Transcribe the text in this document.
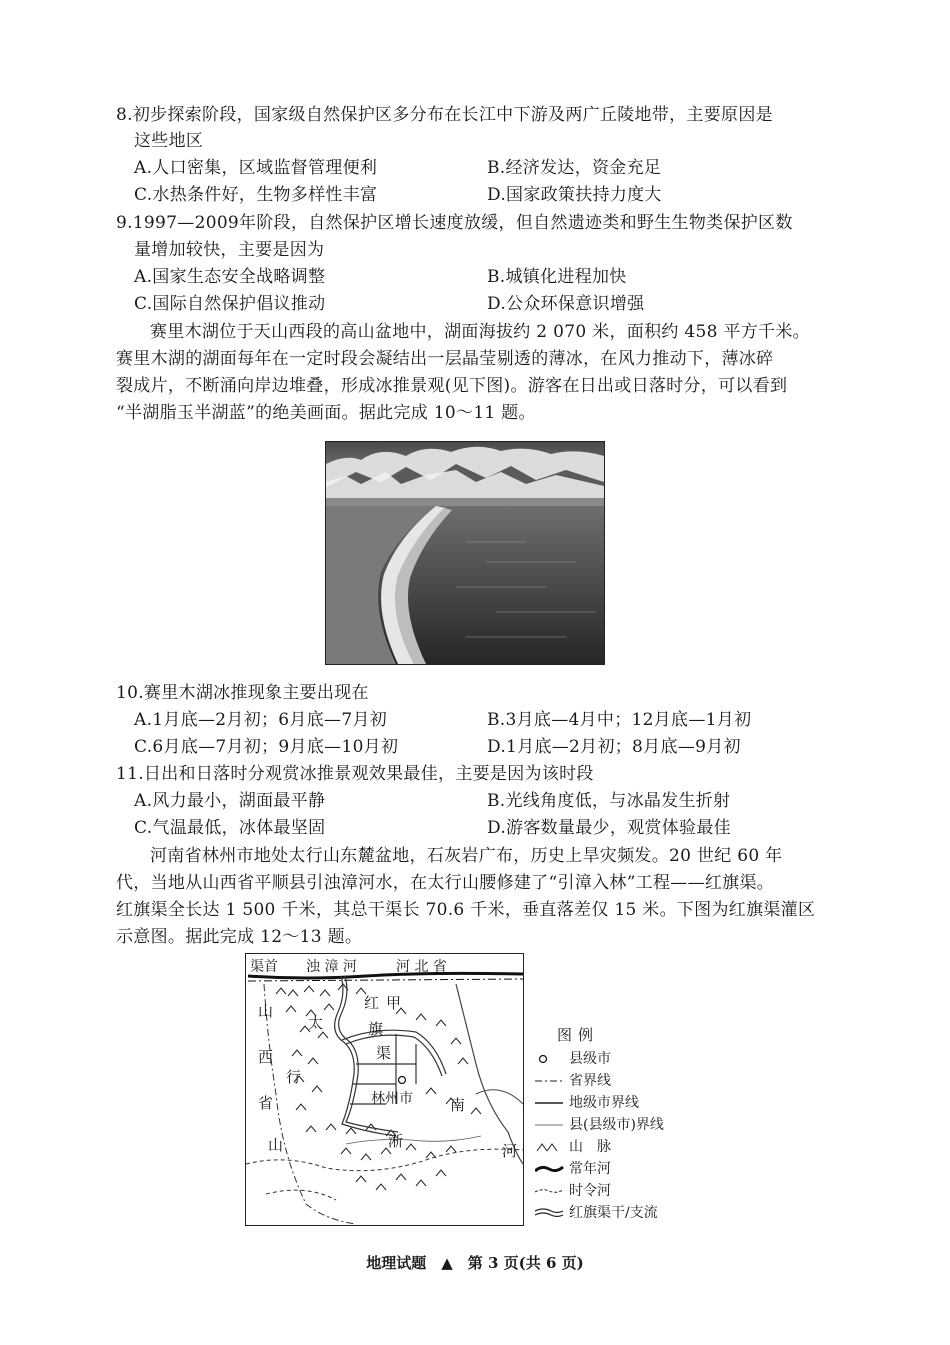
8.初步探索阶段，国家级自然保护区多分布在长江中下游及两广丘陵地带，主要原因是
这些地区
A.人口密集，区域监督管理便利	B.经济发达，资金充足
C.水热条件好，生物多样性丰富	D.国家政策扶持力度大
9.1997—2009年阶段，自然保护区增长速度放缓，但自然遗迹类和野生生物类保护区数
量增加较快，主要是因为
A.国家生态安全战略调整	B.城镇化进程加快
C.国际自然保护倡议推动	D.公众环保意识增强
赛里木湖位于天山西段的高山盆地中，湖面海拔约 2 070 米，面积约 458 平方千米。
赛里木湖的湖面每年在一定时段会凝结出一层晶莹剔透的薄冰，在风力推动下，薄冰碎
裂成片，不断涌向岸边堆叠，形成冰推景观(见下图)。游客在日出或日落时分，可以看到
“半湖脂玉半湖蓝”的绝美画面。据此完成 10～11 题。
10.赛里木湖冰推现象主要出现在
A.1月底—2月初；6月底—7月初	B.3月底—4月中；12月底—1月初
C.6月底—7月初；9月底—10月初	D.1月底—2月初；8月底—9月初
11.日出和日落时分观赏冰推景观效果最佳，主要是因为该时段
A.风力最小，湖面最平静	B.光线角度低，与冰晶发生折射
C.气温最低，冰体最坚固	D.游客数量最少，观赏体验最佳
河南省林州市地处太行山东麓盆地，石灰岩广布，历史上旱灾频发。20 世纪 60 年
代，当地从山西省平顺县引浊漳河水，在太行山腰修建了“引漳入林”工程——红旗渠。
红旗渠全长达 1 500 千米，其总干渠长 70.6 千米，垂直落差仅 15 米。下图为红旗渠灌区
示意图。据此完成 12～13 题。
渠首 浊 漳 河	河 北 省
山
西
省
太
行
山
红 甲
旗
渠
林州市 南
河
淅
图例
县级市
省界线
地级市界线
县(县级市)界线
山　脉
常年河
时令河
红旗渠干/支流
地理试题　▲　第 3 页(共 6 页)
